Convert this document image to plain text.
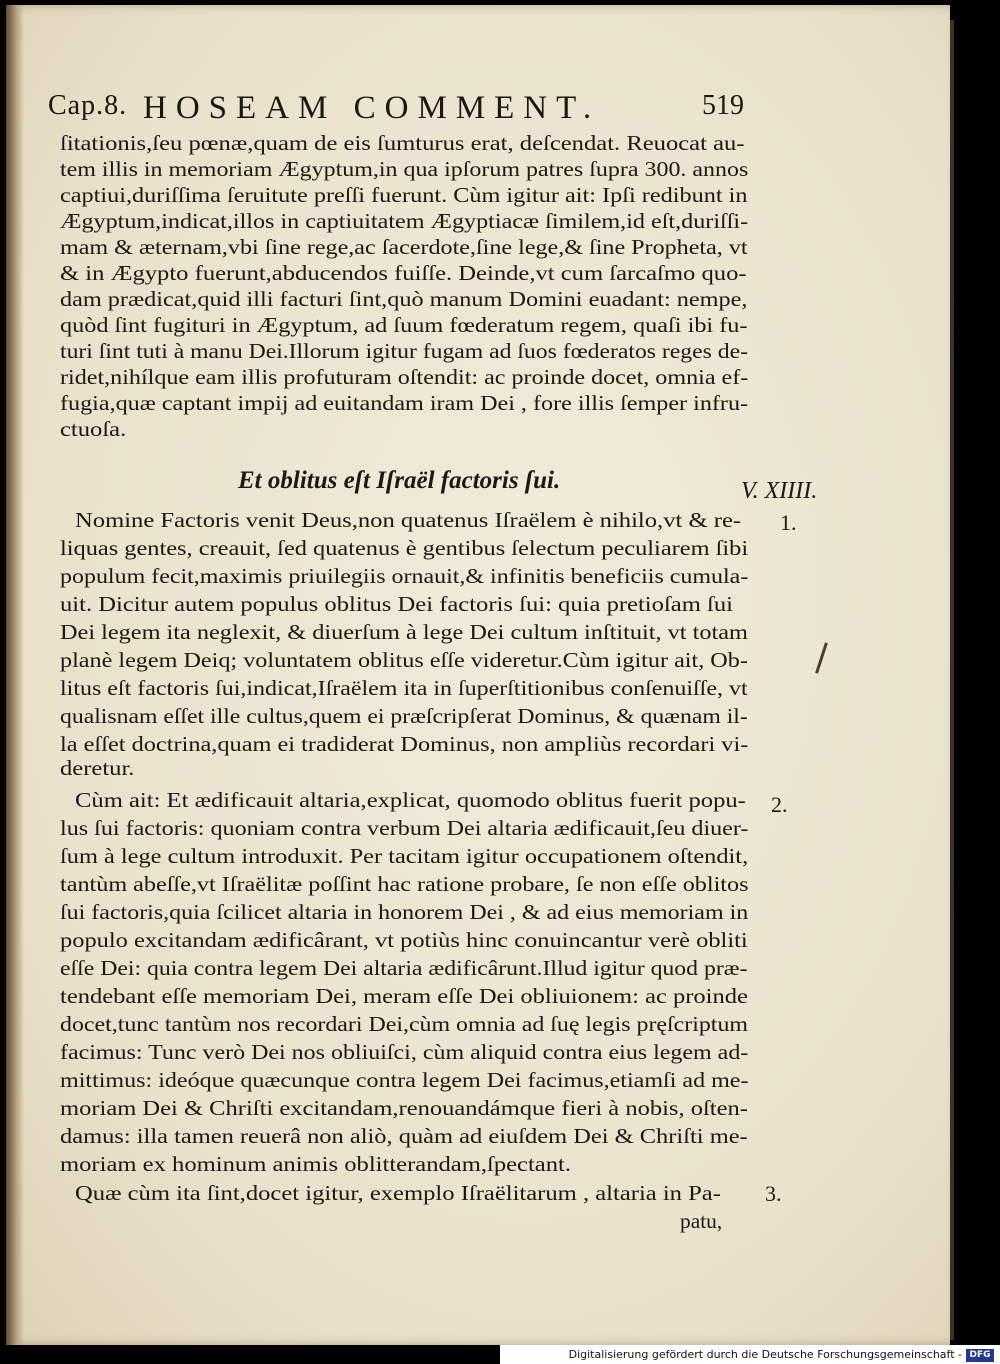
Cap.8. HOSEAM COMMENT.	519
ſitationis,ſeu pœnæ,quam de eis ſumturus erat, deſcendat. Reuocat au-
tem illis in memoriam Ægyptum,in qua ipſorum patres ſupra 300. annos
captiui,duriſſima ſeruitute preſſi fuerunt. Cùm igitur ait: Ipſi redibunt in
Ægyptum,indicat,illos in captiuitatem Ægyptiacæ ſimilem,id eſt,duriſſi-
mam & æternam,vbi ſine rege,ac ſacerdote,ſine lege,& ſine Propheta, vt
& in Ægypto fuerunt,abducendos fuiſſe. Deinde,vt cum ſarcaſmo quo-
dam prædicat,quid illi facturi ſint,quò manum Domini euadant: nempe,
quòd ſint fugituri in Ægyptum, ad ſuum fœderatum regem, quaſi ibi fu-
turi ſint tuti à manu Dei.Illorum igitur fugam ad ſuos fœderatos reges de-
ridet,nihílque eam illis profuturam oſtendit: ac proinde docet, omnia ef-
fugia,quæ captant impij ad euitandam iram Dei , fore illis ſemper infru-
ctuoſa.
Et oblitus eſt Iſraël factoris ſui.	V. XIIII.
1.
2.
3.
Nomine Factoris venit Deus,non quatenus Iſraëlem è nihilo,vt & re-
liquas gentes, creauit, ſed quatenus è gentibus ſelectum peculiarem ſibi
populum fecit,maximis priuilegiis ornauit,& infinitis beneficiis cumula-
uit. Dicitur autem populus oblitus Dei factoris ſui: quia pretioſam ſui
Dei legem ita neglexit, & diuerſum à lege Dei cultum inſtituit, vt totam
planè legem Deiq; voluntatem oblitus eſſe videretur.Cùm igitur ait, Ob-
litus eſt factoris ſui,indicat,Iſraëlem ita in ſuperſtitionibus conſenuiſſe, vt
qualisnam eſſet ille cultus,quem ei præſcripſerat Dominus, & quænam il-
la eſſet doctrina,quam ei tradiderat Dominus, non ampliùs recordari vi-
deretur.
Cùm ait: Et ædificauit altaria,explicat, quomodo oblitus fuerit popu-
lus ſui factoris: quoniam contra verbum Dei altaria ædificauit,ſeu diuer-
ſum à lege cultum introduxit. Per tacitam igitur occupationem oſtendit,
tantùm abeſſe,vt Iſraëlitæ poſſint hac ratione probare, ſe non eſſe oblitos
ſui factoris,quia ſcilicet altaria in honorem Dei , & ad eius memoriam in
populo excitandam ædificârant, vt potiùs hinc conuincantur verè obliti
eſſe Dei: quia contra legem Dei altaria ædificârunt.Illud igitur quod præ-
tendebant eſſe memoriam Dei, meram eſſe Dei obliuionem: ac proinde
docet,tunc tantùm nos recordari Dei,cùm omnia ad ſuę legis pręſcriptum
facimus: Tunc verò Dei nos obliuiſci, cùm aliquid contra eius legem ad-
mittimus: ideóque quæcunque contra legem Dei facimus,etiamſi ad me-
moriam Dei & Chriſti excitandam,renouandámque fieri à nobis, oſten-
damus: illa tamen reuerâ non aliò, quàm ad eiuſdem Dei & Chriſti me-
moriam ex hominum animis oblitterandam,ſpectant.
Quæ cùm ita ſint,docet igitur, exemplo Iſraëlitarum , altaria in Pa-
patu,
Digitalisierung gefördert durch die Deutsche Forschungsgemeinschaft - DFG
